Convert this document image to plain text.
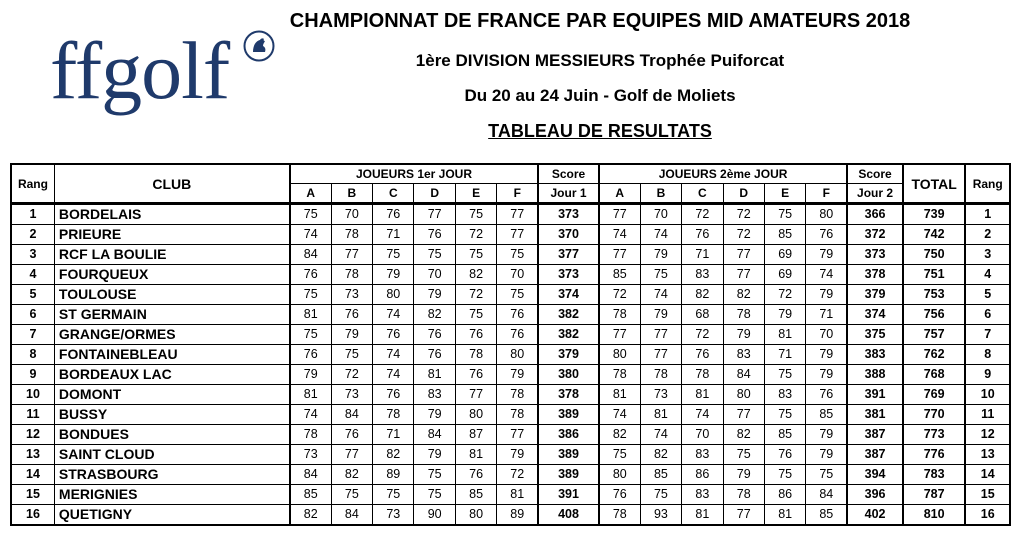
ffgolf
CHAMPIONNAT DE FRANCE PAR EQUIPES MID AMATEURS 2018
1ère DIVISION MESSIEURS Trophée Puiforcat
Du 20 au 24 Juin - Golf de Moliets
TABLEAU DE RESULTATS
Rang	CLUB	JOUEURS 1er JOUR						Score	JOUEURS 2ème JOUR						Score	TOTAL	Rang
		A	B	C	D	E	F	Jour 1	A	B	C	D	E	F	Jour 2		
1	BORDELAIS	75	70	76	77	75	77	373	77	70	72	72	75	80	366	739	1
2	PRIEURE	74	78	71	76	72	77	370	74	74	76	72	85	76	372	742	2
3	RCF LA BOULIE	84	77	75	75	75	75	377	77	79	71	77	69	79	373	750	3
4	FOURQUEUX	76	78	79	70	82	70	373	85	75	83	77	69	74	378	751	4
5	TOULOUSE	75	73	80	79	72	75	374	72	74	82	82	72	79	379	753	5
6	ST GERMAIN	81	76	74	82	75	76	382	78	79	68	78	79	71	374	756	6
7	GRANGE/ORMES	75	79	76	76	76	76	382	77	77	72	79	81	70	375	757	7
8	FONTAINEBLEAU	76	75	74	76	78	80	379	80	77	76	83	71	79	383	762	8
9	BORDEAUX LAC	79	72	74	81	76	79	380	78	78	78	84	75	79	388	768	9
10	DOMONT	81	73	76	83	77	78	378	81	73	81	80	83	76	391	769	10
11	BUSSY	74	84	78	79	80	78	389	74	81	74	77	75	85	381	770	11
12	BONDUES	78	76	71	84	87	77	386	82	74	70	82	85	79	387	773	12
13	SAINT CLOUD	73	77	82	79	81	79	389	75	82	83	75	76	79	387	776	13
14	STRASBOURG	84	82	89	75	76	72	389	80	85	86	79	75	75	394	783	14
15	MERIGNIES	85	75	75	75	85	81	391	76	75	83	78	86	84	396	787	15
16	QUETIGNY	82	84	73	90	80	89	408	78	93	81	77	81	85	402	810	16
